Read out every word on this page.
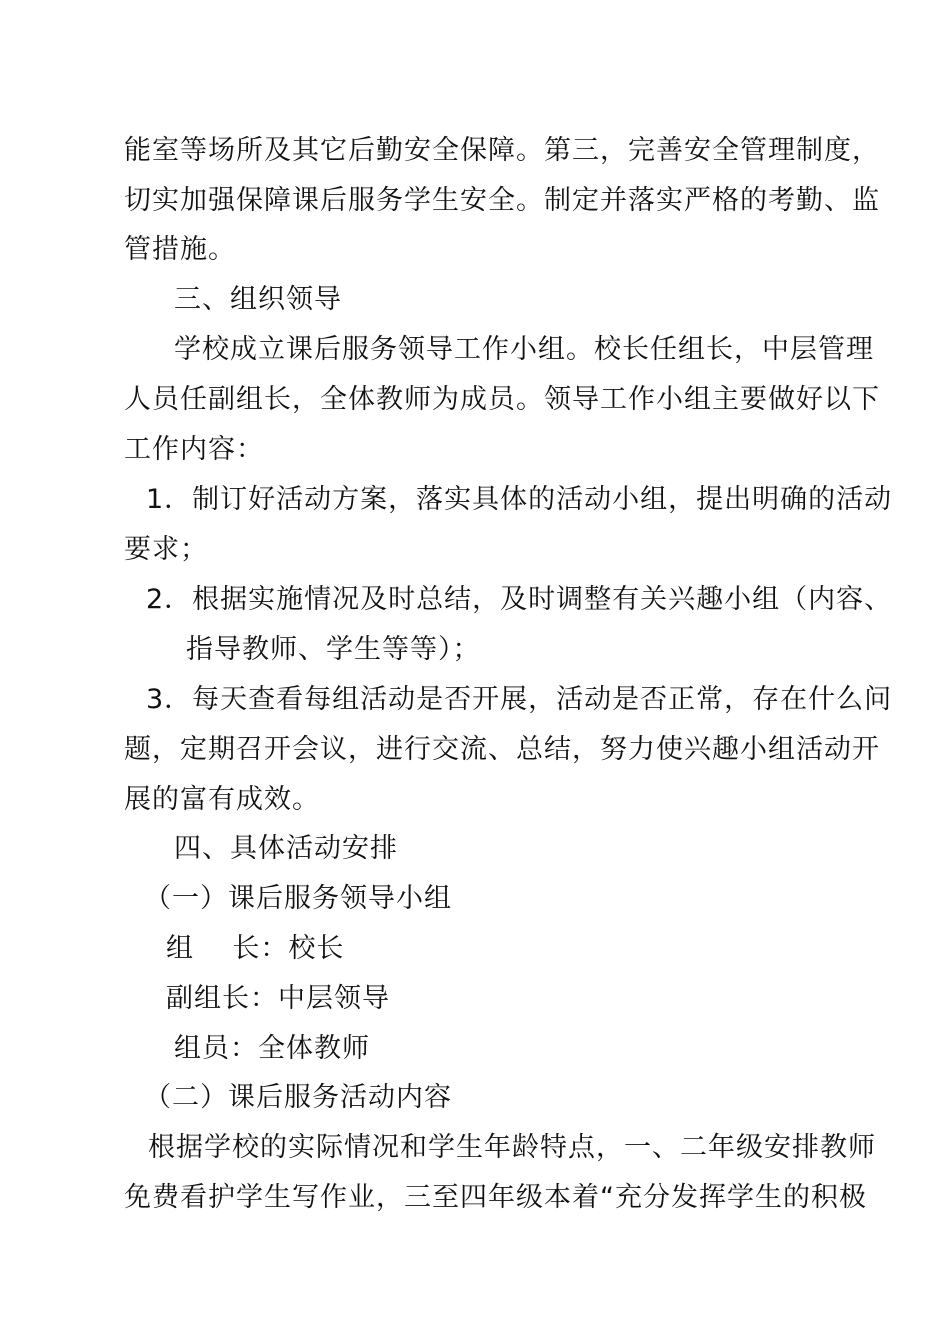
能室等场所及其它后勤安全保障。第三，完善安全管理制度，
切实加强保障课后服务学生安全。制定并落实严格的考勤、监
管措施。
三、组织领导
学校成立课后服务领导工作小组。校长任组长，中层管理
人员任副组长，全体教师为成员。领导工作小组主要做好以下
工作内容：
1．制订好活动方案，落实具体的活动小组，提出明确的活动
要求；
2．根据实施情况及时总结，及时调整有关兴趣小组（内容、
指导教师、学生等等）；
3．每天查看每组活动是否开展，活动是否正常，存在什么问
题，定期召开会议，进行交流、总结，努力使兴趣小组活动开
展的富有成效。
四、具体活动安排
（一）课后服务领导小组
组    长：校长
副组长：中层领导
组员：全体教师
（二）课后服务活动内容
根据学校的实际情况和学生年龄特点，一、二年级安排教师
免费看护学生写作业，三至四年级本着“充分发挥学生的积极
